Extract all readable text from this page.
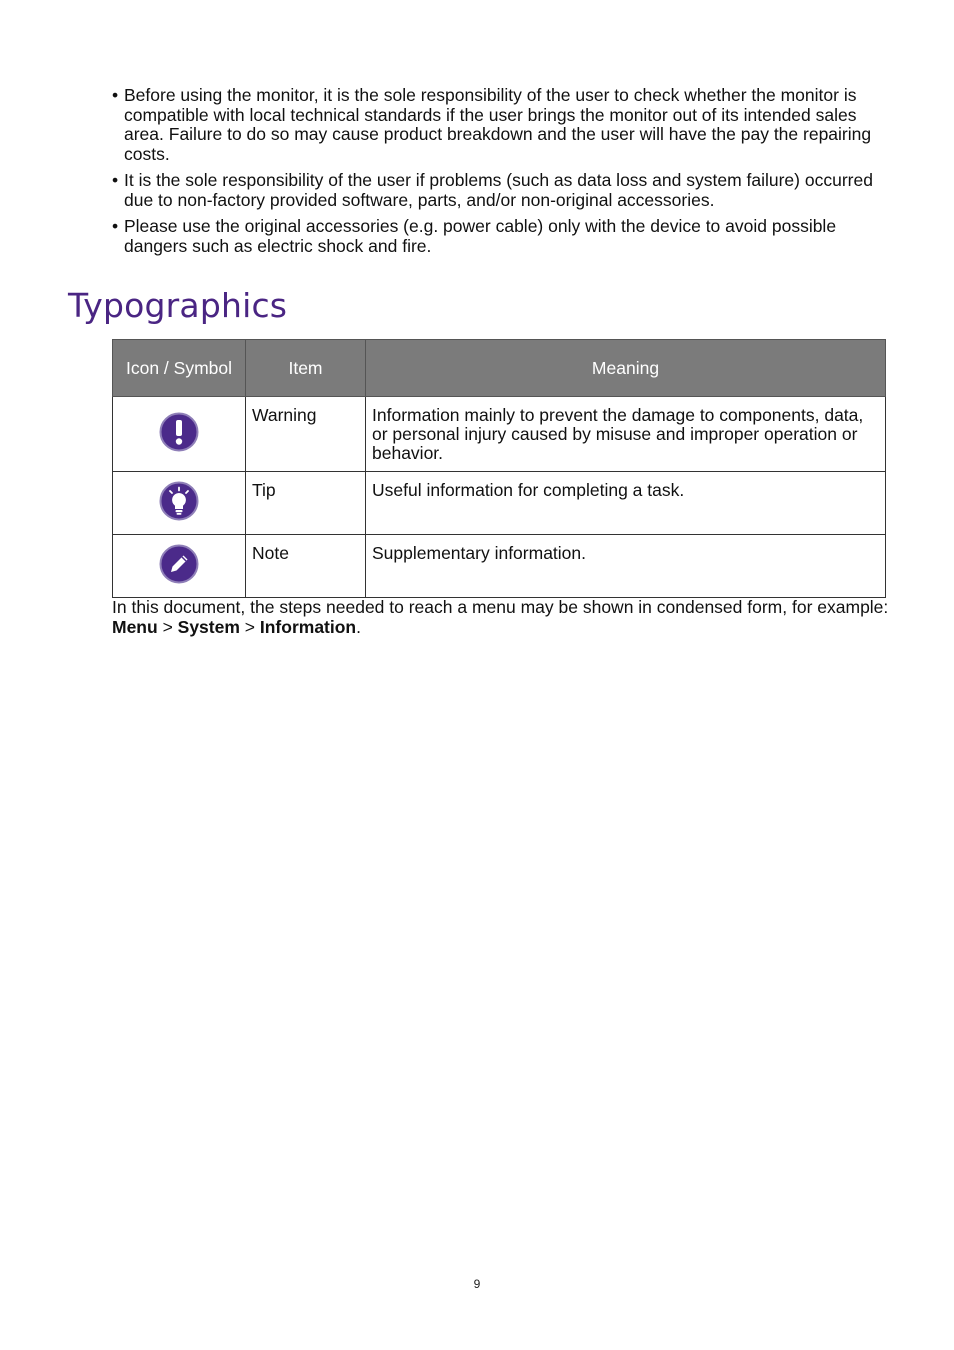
• Before using the monitor, it is the sole responsibility of the user to check whether the monitor is compatible with local technical standards if the user brings the monitor out of its intended sales area. Failure to do so may cause product breakdown and the user will have the pay the repairing costs.
• It is the sole responsibility of the user if problems (such as data loss and system failure) occurred due to non-factory provided software, parts, and/or non-original accessories.
• Please use the original accessories (e.g. power cable) only with the device to avoid possible dangers such as electric shock and fire.
Typographics
Icon / Symbol	Item	Meaning
	Warning	Information mainly to prevent the damage to components, data, or personal injury caused by misuse and improper operation or behavior.
	Tip	Useful information for completing a task.
	Note	Supplementary information.
In this document, the steps needed to reach a menu may be shown in condensed form, for example: Menu > System > Information.
9
